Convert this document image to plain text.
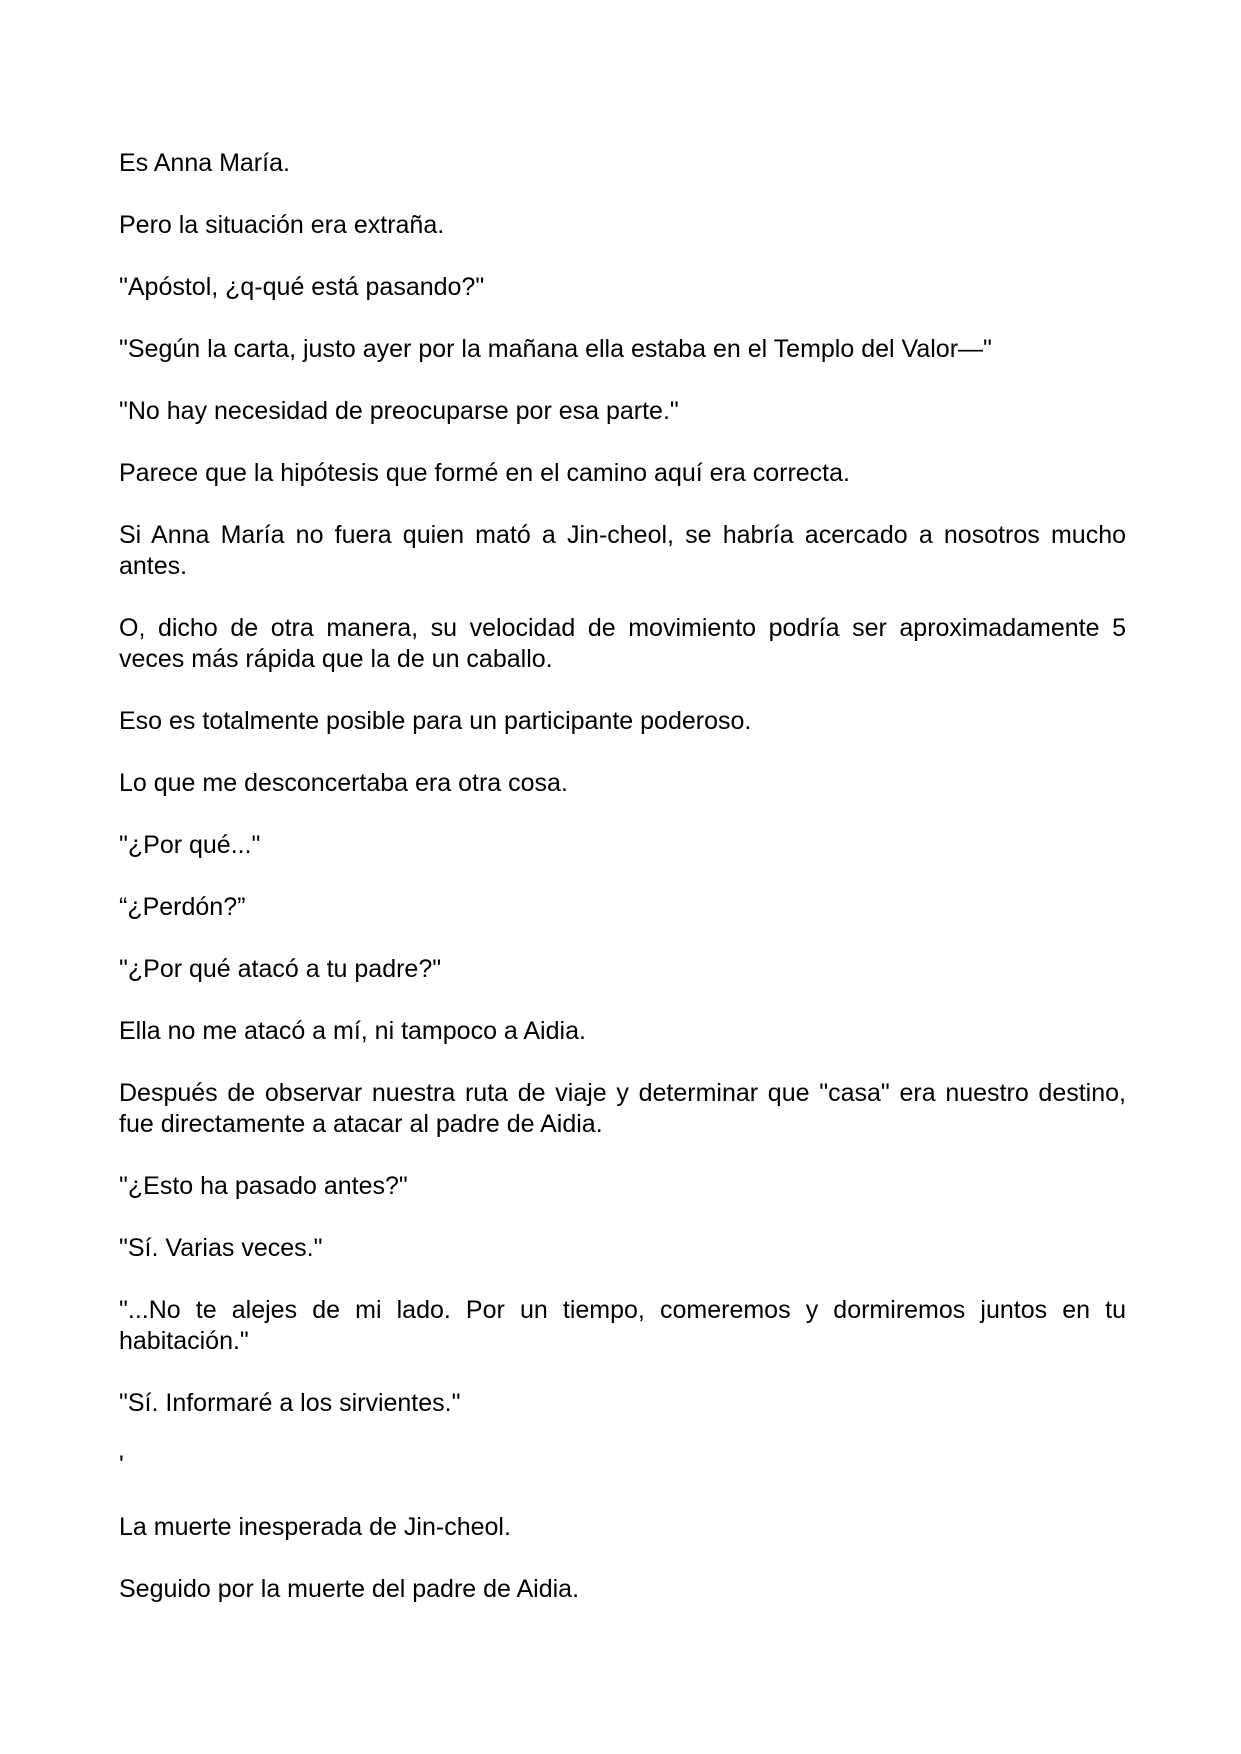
Es Anna María.

Pero la situación era extraña.

"Apóstol, ¿q-qué está pasando?"

"Según la carta, justo ayer por la mañana ella estaba en el Templo del Valor—"

"No hay necesidad de preocuparse por esa parte."

Parece que la hipótesis que formé en el camino aquí era correcta.

Si Anna María no fuera quien mató a Jin-cheol, se habría acercado a nosotros mucho antes.

O, dicho de otra manera, su velocidad de movimiento podría ser aproximadamente 5 veces más rápida que la de un caballo.

Eso es totalmente posible para un participante poderoso.

Lo que me desconcertaba era otra cosa.

"¿Por qué..."

“¿Perdón?”

"¿Por qué atacó a tu padre?"

Ella no me atacó a mí, ni tampoco a Aidia.

Después de observar nuestra ruta de viaje y determinar que "casa" era nuestro destino, fue directamente a atacar al padre de Aidia.

"¿Esto ha pasado antes?"

"Sí. Varias veces."

"...No te alejes de mi lado. Por un tiempo, comeremos y dormiremos juntos en tu habitación."

"Sí. Informaré a los sirvientes."

'

La muerte inesperada de Jin-cheol.

Seguido por la muerte del padre de Aidia.
